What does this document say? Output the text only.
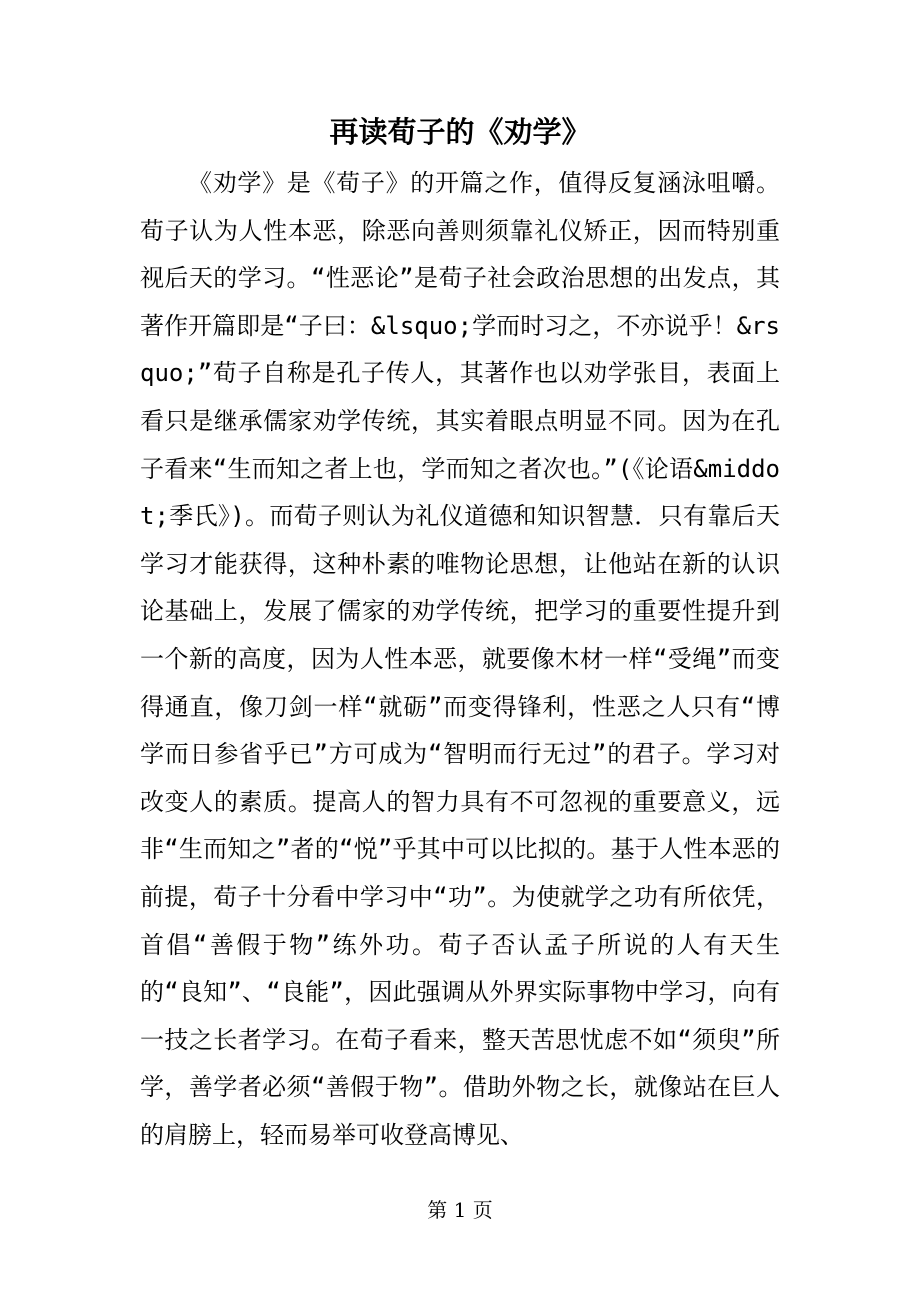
再读荀子的《劝学》

《劝学》是《荀子》的开篇之作，值得反复涵泳咀嚼。荀子认为人性本恶，除恶向善则须靠礼仪矫正，因而特别重视后天的学习。“性恶论”是荀子社会政治思想的出发点，其著作开篇即是“子曰：&lsquo;学而时习之，不亦说乎！&rsquo;”荀子自称是孔子传人，其著作也以劝学张目，表面上看只是继承儒家劝学传统，其实着眼点明显不同。因为在孔子看来“生而知之者上也，学而知之者次也。”(《论语&middot;季氏》)。而荀子则认为礼仪道德和知识智慧．只有靠后天学习才能获得，这种朴素的唯物论思想，让他站在新的认识论基础上，发展了儒家的劝学传统，把学习的重要性提升到一个新的高度，因为人性本恶，就要像木材一样“受绳”而变得通直，像刀剑一样“就砺”而变得锋利，性恶之人只有“博学而日参省乎已”方可成为“智明而行无过”的君子。学习对改变人的素质。提高人的智力具有不可忽视的重要意义，远非“生而知之”者的“悦”乎其中可以比拟的。基于人性本恶的前提，荀子十分看中学习中“功”。为使就学之功有所依凭，首倡“善假于物”练外功。荀子否认孟子所说的人有天生的“良知”、“良能”，因此强调从外界实际事物中学习，向有一技之长者学习。在荀子看来，整天苦思忧虑不如“须臾”所学，善学者必须“善假于物”。借助外物之长，就像站在巨人的肩膀上，轻而易举可收登高博见、

第 1 页
